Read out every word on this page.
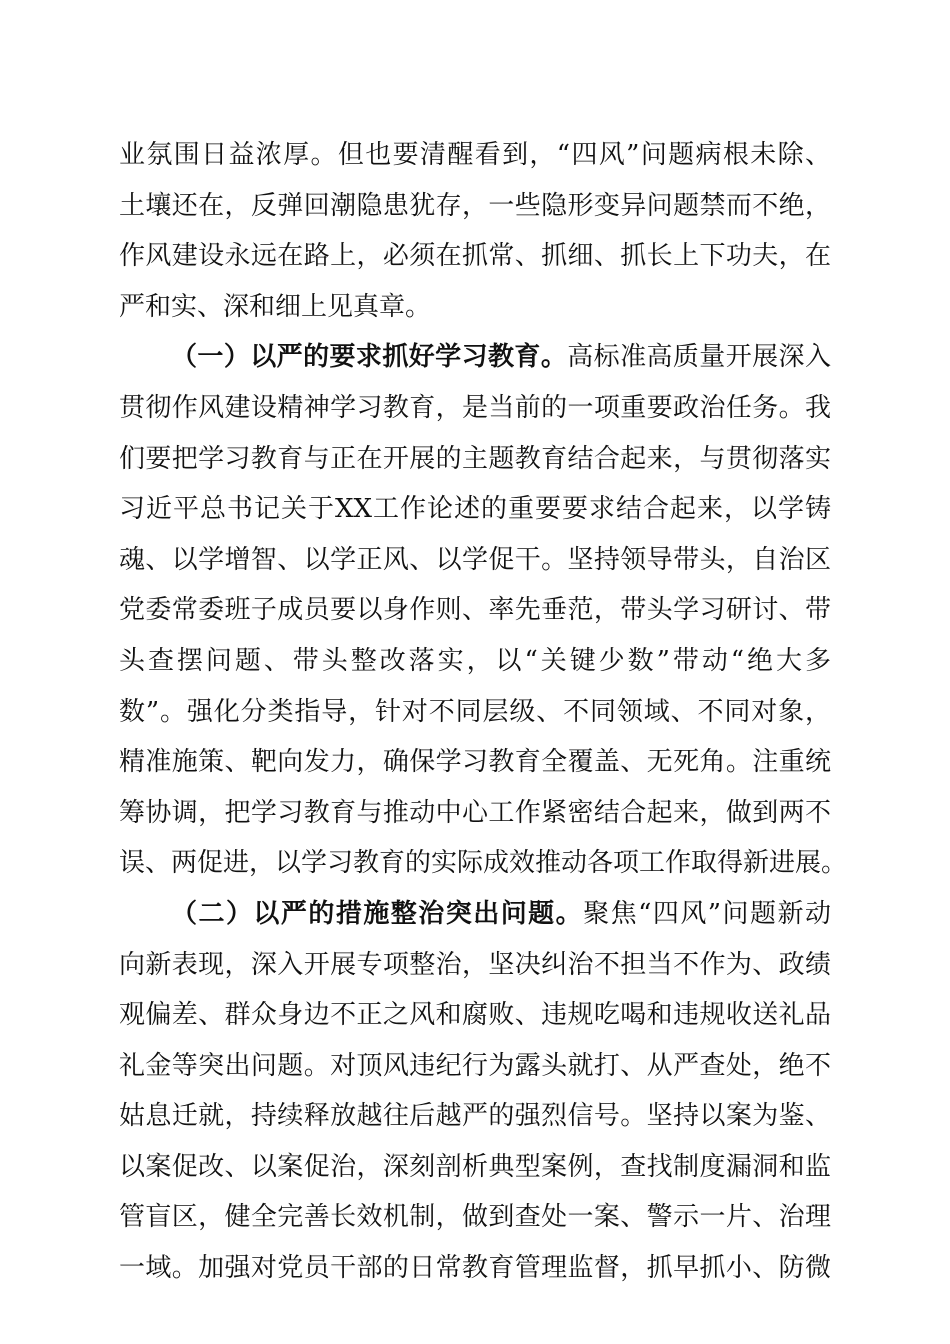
业氛围日益浓厚。但也要清醒看到，“四风”问题病根未除、
土壤还在，反弹回潮隐患犹存，一些隐形变异问题禁而不绝，
作风建设永远在路上，必须在抓常、抓细、抓长上下功夫，在
严和实、深和细上见真章。
（一）以严的要求抓好学习教育。高标准高质量开展深入
贯彻作风建设精神学习教育，是当前的一项重要政治任务。我
们要把学习教育与正在开展的主题教育结合起来，与贯彻落实
习近平总书记关于XX工作论述的重要要求结合起来，以学铸
魂、以学增智、以学正风、以学促干。坚持领导带头，自治区
党委常委班子成员要以身作则、率先垂范，带头学习研讨、带
头查摆问题、带头整改落实，以“关键少数”带动“绝大多
数”。强化分类指导，针对不同层级、不同领域、不同对象，
精准施策、靶向发力，确保学习教育全覆盖、无死角。注重统
筹协调，把学习教育与推动中心工作紧密结合起来，做到两不
误、两促进，以学习教育的实际成效推动各项工作取得新进展。
（二）以严的措施整治突出问题。聚焦“四风”问题新动
向新表现，深入开展专项整治，坚决纠治不担当不作为、政绩
观偏差、群众身边不正之风和腐败、违规吃喝和违规收送礼品
礼金等突出问题。对顶风违纪行为露头就打、从严查处，绝不
姑息迁就，持续释放越往后越严的强烈信号。坚持以案为鉴、
以案促改、以案促治，深刻剖析典型案例，查找制度漏洞和监
管盲区，健全完善长效机制，做到查处一案、警示一片、治理
一域。加强对党员干部的日常教育管理监督，抓早抓小、防微
